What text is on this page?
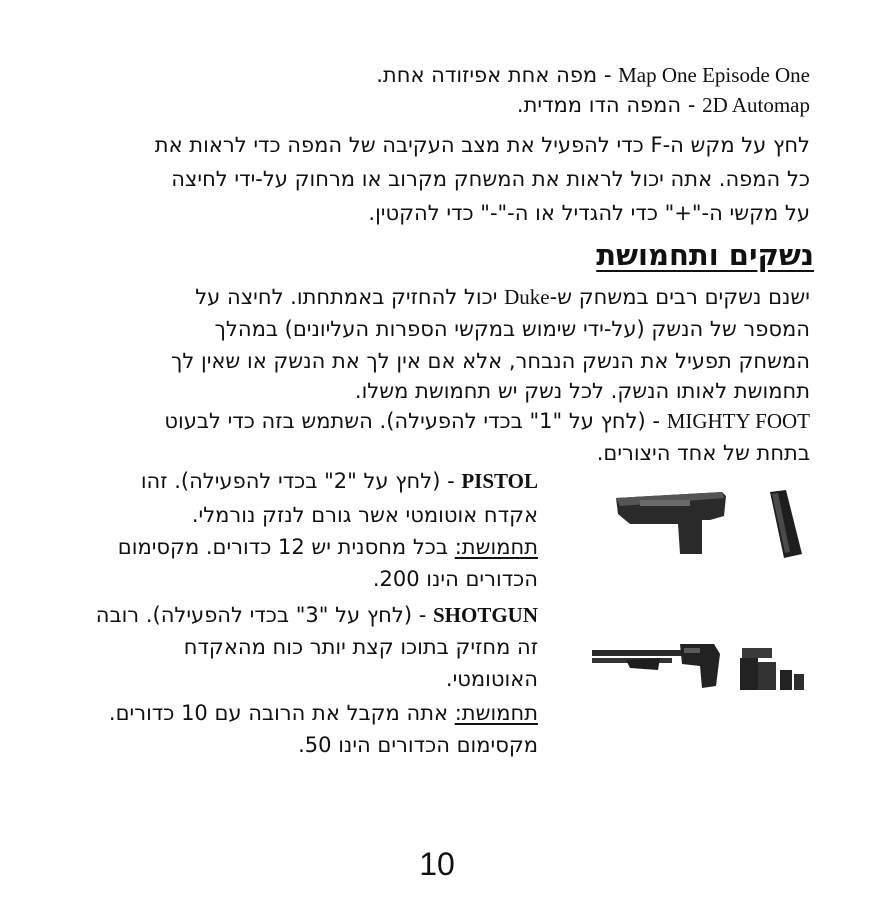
Map One Episode One - מפה אחת אפיזודה אחת.
2D Automap - המפה הדו ממדית.
לחץ על מקש ה-F כדי להפעיל את מצב העקיבה של המפה כדי לראות את
כל המפה. אתה יכול לראות את המשחק מקרוב או מרחוק על-ידי לחיצה
על מקשי ה-"+" כדי להגדיל או ה-"-" כדי להקטין.
נשקים ותחמושת
ישנם נשקים רבים במשחק ש-Duke יכול להחזיק באמתחתו. לחיצה על
המספר של הנשק (על-ידי שימוש במקשי הספרות העליונים) במהלך
המשחק תפעיל את הנשק הנבחר, אלא אם אין לך את הנשק או שאין לך
תחמושת לאותו הנשק. לכל נשק יש תחמושת משלו.
MIGHTY FOOT - (לחץ על "1" בכדי להפעילה). השתמש בזה כדי לבעוט
בתחת של אחד היצורים.
PISTOL - (לחץ על "2" בכדי להפעילה). זהו
אקדח אוטומטי אשר גורם לנזק נורמלי.
תחמושת: בכל מחסנית יש 12 כדורים. מקסימום
הכדורים הינו 200.
SHOTGUN - (לחץ על "3" בכדי להפעילה). רובה
זה מחזיק בתוכו קצת יותר כוח מהאקדח
האוטומטי.
תחמושת: אתה מקבל את הרובה עם 10 כדורים.
מקסימום הכדורים הינו 50.
10
